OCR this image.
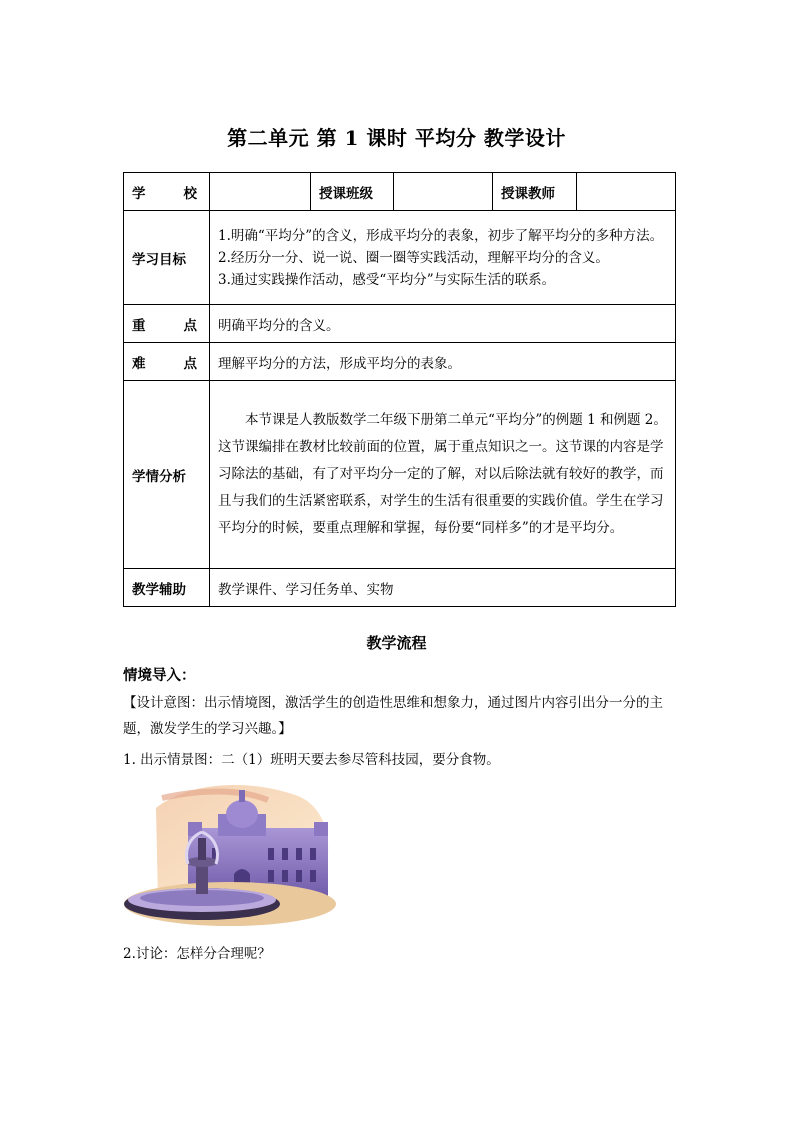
第二单元 第 1 课时 平均分 教学设计
学 校		授课班级		授课教师	
学习目标	1.明确“平均分”的含义，形成平均分的表象，初步了解平均分的多种方法。
2.经历分一分、说一说、圈一圈等实践活动，理解平均分的含义。
3.通过实践操作活动，感受“平均分”与实际生活的联系。				

重 点	明确平均分的含义。				

难 点	理解平均分的方法，形成平均分的表象。				
学情分析	本节课是人教版数学二年级下册第二单元“平均分”的例题 1 和例题 2。这节课编排在教材比较前面的位置，属于重点知识之一。这节课的内容是学习除法的基础，有了对平均分一定的了解，对以后除法就有较好的教学，而且与我们的生活紧密联系，对学生的生活有很重要的实践价值。学生在学习平均分的时候，要重点理解和掌握，每份要“同样多”的才是平均分。				

教学辅助	教学课件、学习任务单、实物				
教学流程
情境导入：
【设计意图：出示情境图，激活学生的创造性思维和想象力，通过图片内容引出分一分的主题，激发学生的学习兴趣。】
1. 出示情景图：二（1）班明天要去参尽管科技园，要分食物。
2.讨论：怎样分合理呢？
